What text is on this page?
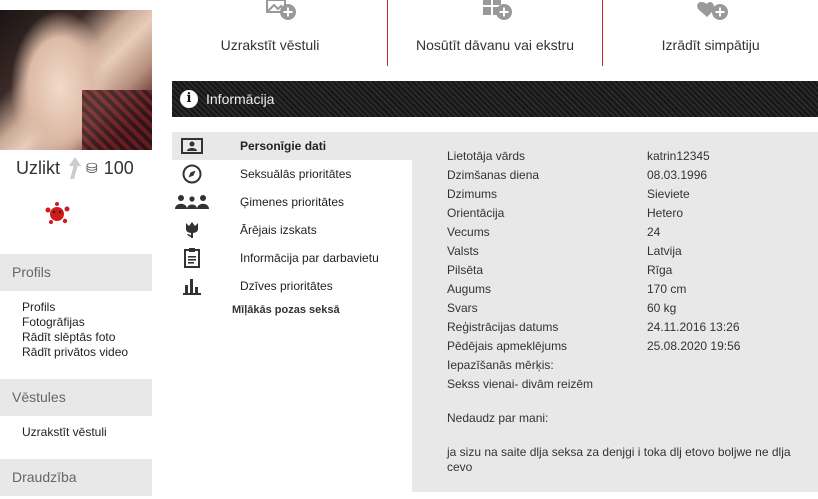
Uzlikt ⛁ 100
Profils
Profils
Fotogrāfijas
Rādīt slēptās foto
Rādīt privātos video
Vēstules
Uzrakstīt vēstuli
Draudzība
Uzrakstīt vēstuli	Nosūtīt dāvanu vai ekstru	Izrādīt simpātiju
i	Informācija
Personīgie dati
Seksuālās prioritātes
Ģimenes prioritātes
Ārējais izskats
Informācija par darbavietu
Dzīves prioritātes
Mīļākās pozas seksā
Lietotāja vārds	katrin12345
Dzimšanas diena	08.03.1996
Dzimums	Sieviete
Orientācija	Hetero
Vecums	24
Valsts	Latvija
Pilsēta	Rīga
Augums	170 cm
Svars	60 kg
Reģistrācijas datums	24.11.2016 13:26
Pēdējais apmeklējums	25.08.2020 19:56
Iepazīšanās mērķis:
Sekss vienai- divām reizēm
Nedaudz par mani:
ja sizu na saite dlja seksa za denjgi i toka dlj etovo boljwe ne dlja cevo
